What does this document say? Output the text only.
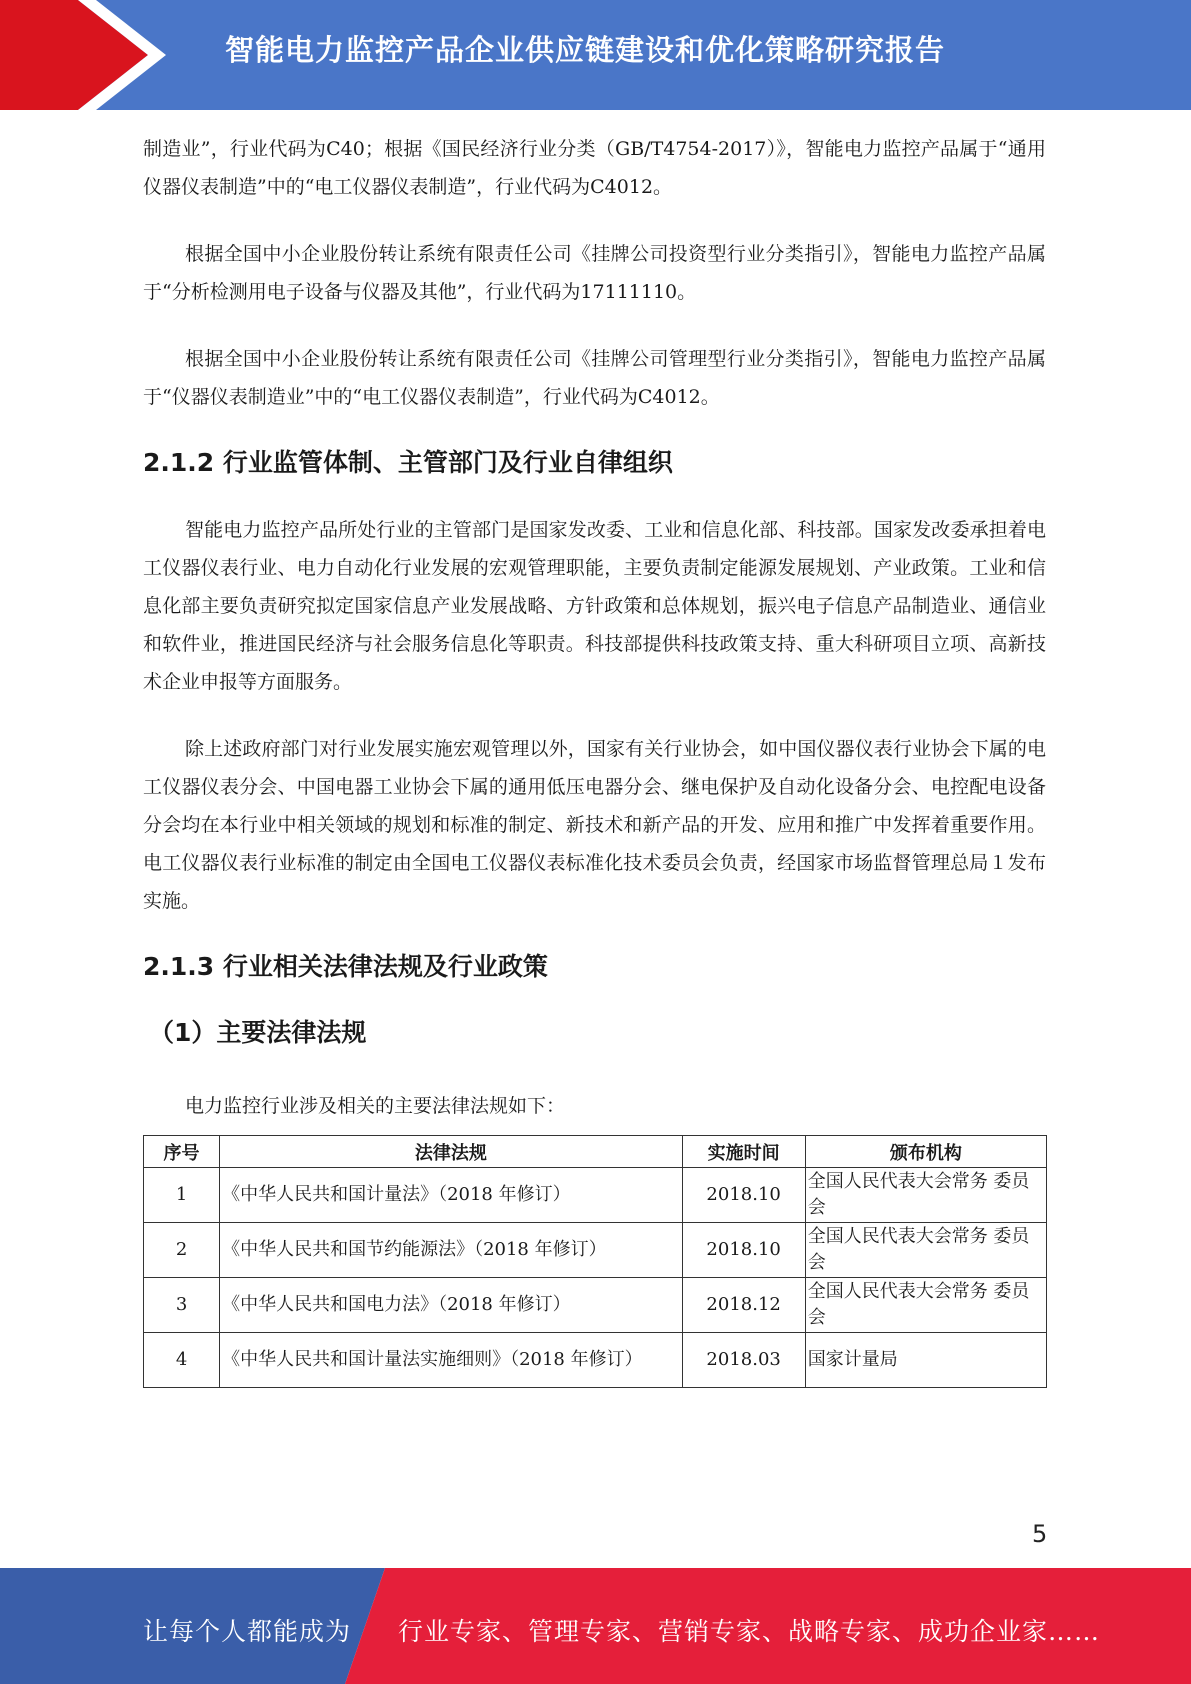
智能电力监控产品企业供应链建设和优化策略研究报告

制造业”，行业代码为C40；根据《国民经济行业分类（GB/T4754-2017）》，智能电力监控产品属于“通用仪器仪表制造”中的“电工仪器仪表制造”，行业代码为C4012。

根据全国中小企业股份转让系统有限责任公司《挂牌公司投资型行业分类指引》，智能电力监控产品属于“分析检测用电子设备与仪器及其他”，行业代码为17111110。

根据全国中小企业股份转让系统有限责任公司《挂牌公司管理型行业分类指引》，智能电力监控产品属于“仪器仪表制造业”中的“电工仪器仪表制造”，行业代码为C4012。

2.1.2 行业监管体制、主管部门及行业自律组织

智能电力监控产品所处行业的主管部门是国家发改委、工业和信息化部、科技部。国家发改委承担着电工仪器仪表行业、电力自动化行业发展的宏观管理职能，主要负责制定能源发展规划、产业政策。工业和信息化部主要负责研究拟定国家信息产业发展战略、方针政策和总体规划，振兴电子信息产品制造业、通信业和软件业，推进国民经济与社会服务信息化等职责。科技部提供科技政策支持、重大科研项目立项、高新技术企业申报等方面服务。

除上述政府部门对行业发展实施宏观管理以外，国家有关行业协会，如中国仪器仪表行业协会下属的电工仪器仪表分会、中国电器工业协会下属的通用低压电器分会、继电保护及自动化设备分会、电控配电设备分会均在本行业中相关领域的规划和标准的制定、新技术和新产品的开发、应用和推广中发挥着重要作用。电工仪器仪表行业标准的制定由全国电工仪器仪表标准化技术委员会负责，经国家市场监督管理总局１发布实施。

2.1.3 行业相关法律法规及行业政策
（1）主要法律法规

电力监控行业涉及相关的主要法律法规如下：

序号	法律法规	实施时间	颁布机构
1	《中华人民共和国计量法》（2018 年修订）	2018.10	全国人民代表大会常务 委员会
2	《中华人民共和国节约能源法》（2018 年修订）	2018.10	全国人民代表大会常务 委员会
3	《中华人民共和国电力法》（2018 年修订）	2018.12	全国人民代表大会常务 委员会
4	《中华人民共和国计量法实施细则》（2018 年修订）	2018.03	国家计量局
5
让每个人都能成为 行业专家、管理专家、营销专家、战略专家、成功企业家……
